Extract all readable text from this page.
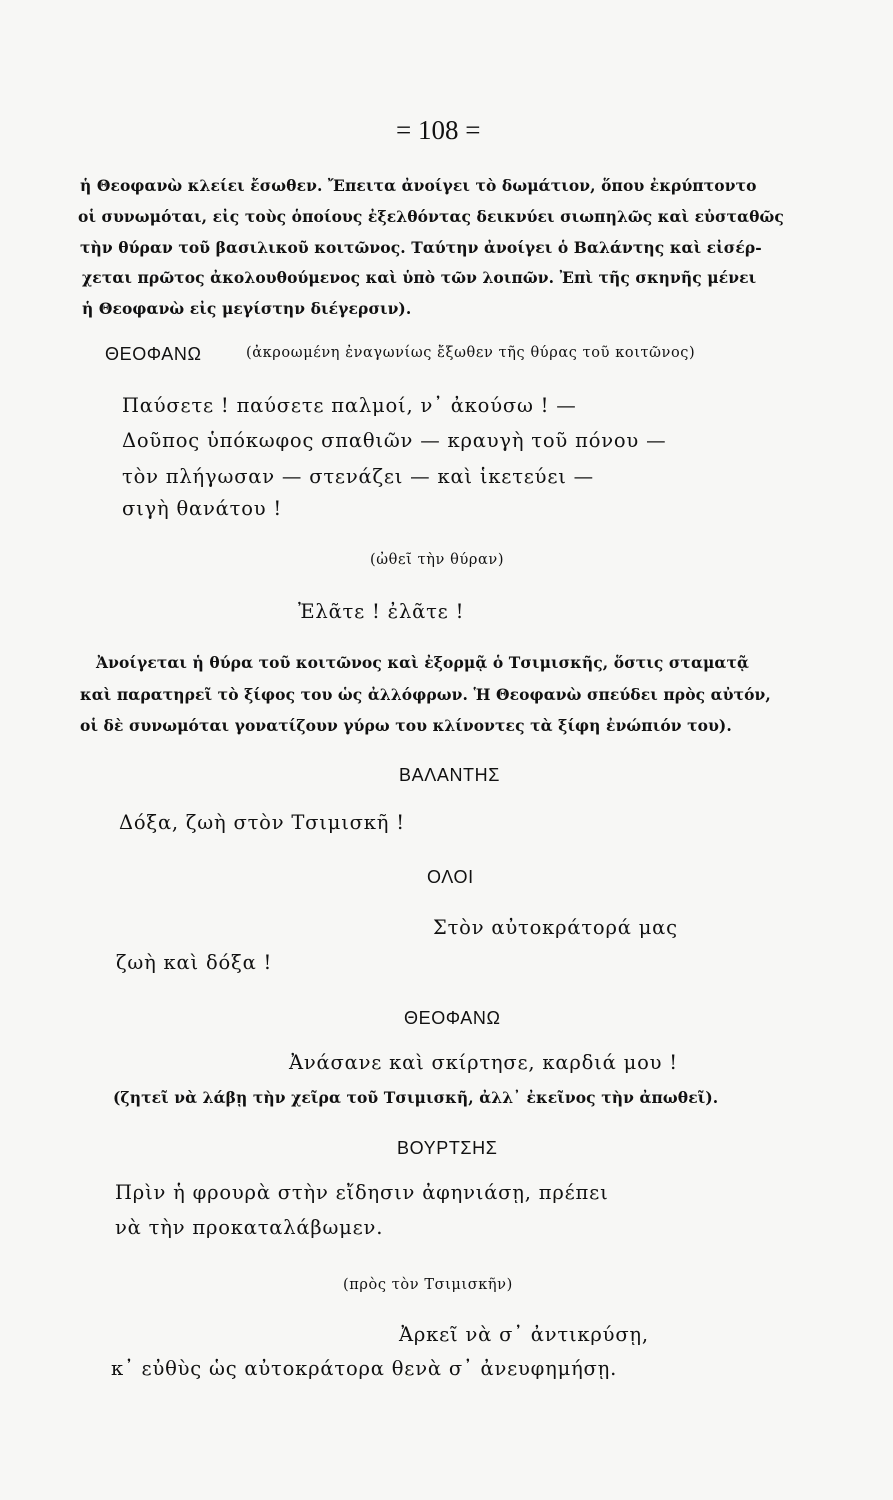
= 108 =
ἡ Θεοφανὼ κλείει ἔσωθεν. Ἔπειτα ἀνοίγει τὸ δωμάτιον, ὅπου ἐκρύπτοντο
οἱ συνωμόται, εἰς τοὺς ὁποίους ἐξελθόντας δεικνύει σιωπηλῶς καὶ εὐσταθῶς
τὴν θύραν τοῦ βασιλικοῦ κοιτῶνος. Ταύτην ἀνοίγει ὁ Βαλάντης καὶ εἰσέρ-
χεται πρῶτος ἀκολουθούμενος καὶ ὑπὸ τῶν λοιπῶν. Ἐπὶ τῆς σκηνῆς μένει
ἡ Θεοφανὼ εἰς μεγίστην διέγερσιν).
ΘΕΟΦΑΝΩ	(ἀκροωμένη ἐναγωνίως ἔξωθεν τῆς θύρας τοῦ κοιτῶνος)
Παύσετε ! παύσετε παλμοί, ν᾽ ἀκούσω ! —
Δοῦπος ὑπόκωφος σπαθιῶν — κραυγὴ τοῦ πόνου —
τὸν πλήγωσαν — στενάζει — καὶ ἱκετεύει —
σιγὴ θανάτου !
(ὠθεῖ τὴν θύραν)
Ἐλᾶτε ! ἐλᾶτε !
Ἀνοίγεται ἡ θύρα τοῦ κοιτῶνος καὶ ἐξορμᾷ ὁ Τσιμισκῆς, ὅστις σταματᾷ
καὶ παρατηρεῖ τὸ ξίφος του ὡς ἀλλόφρων. Ἡ Θεοφανὼ σπεύδει πρὸς αὐτόν,
οἱ δὲ συνωμόται γονατίζουν γύρω του κλίνοντες τὰ ξίφη ἐνώπιόν του).
ΒΑΛΑΝΤΗΣ
Δόξα, ζωὴ στὸν Τσιμισκῆ !
ΟΛΟΙ
Στὸν αὐτοκράτορά μας
ζωὴ καὶ δόξα !
ΘΕΟΦΑΝΩ
Ἀνάσανε καὶ σκίρτησε, καρδιά μου !
(ζητεῖ νὰ λάβῃ τὴν χεῖρα τοῦ Τσιμισκῆ, ἀλλ᾽ ἐκεῖνος τὴν ἀπωθεῖ).
ΒΟΥΡΤΣΗΣ
Πρὶν ἡ φρουρὰ στὴν εἴδησιν ἀφηνιάσῃ, πρέπει
νὰ τὴν προκαταλάβωμεν.
(πρὸς τὸν Τσιμισκῆν)
Ἀρκεῖ νὰ σ᾽ ἀντικρύσῃ,
κ᾽ εὐθὺς ὡς αὐτοκράτορα θενὰ σ᾽ ἀνευφημήσῃ.
